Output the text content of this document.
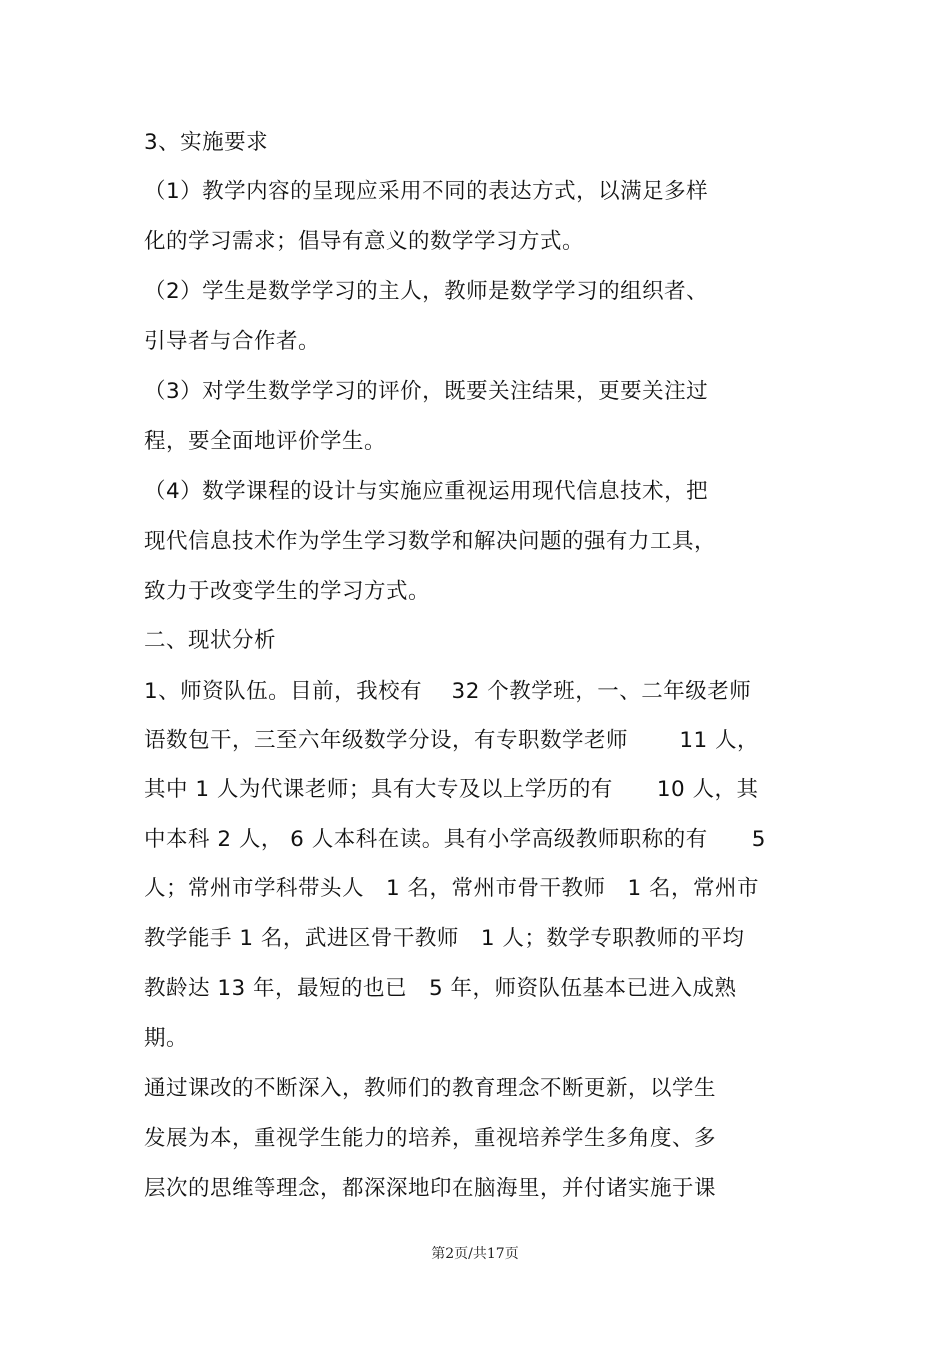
3、实施要求
（1）教学内容的呈现应采用不同的表达方式，以满足多样
化的学习需求；倡导有意义的数学学习方式。
（2）学生是数学学习的主人，教师是数学学习的组织者、
引导者与合作者。
（3）对学生数学学习的评价，既要关注结果，更要关注过
程，要全面地评价学生。
（4）数学课程的设计与实施应重视运用现代信息技术，把
现代信息技术作为学生学习数学和解决问题的强有力工具，
致力于改变学生的学习方式。
二、现状分析
1、师资队伍。目前，我校有    32 个教学班，一、二年级老师
语数包干，三至六年级数学分设，有专职数学老师       11 人，
其中 1 人为代课老师；具有大专及以上学历的有      10 人，其
中本科 2 人， 6 人本科在读。具有小学高级教师职称的有      5
人；常州市学科带头人   1 名，常州市骨干教师   1 名，常州市
教学能手 1 名，武进区骨干教师   1 人；数学专职教师的平均
教龄达 13 年，最短的也已   5 年，师资队伍基本已进入成熟
期。
通过课改的不断深入，教师们的教育理念不断更新，以学生
发展为本，重视学生能力的培养，重视培养学生多角度、多
层次的思维等理念，都深深地印在脑海里，并付诸实施于课
第2页/共17页
